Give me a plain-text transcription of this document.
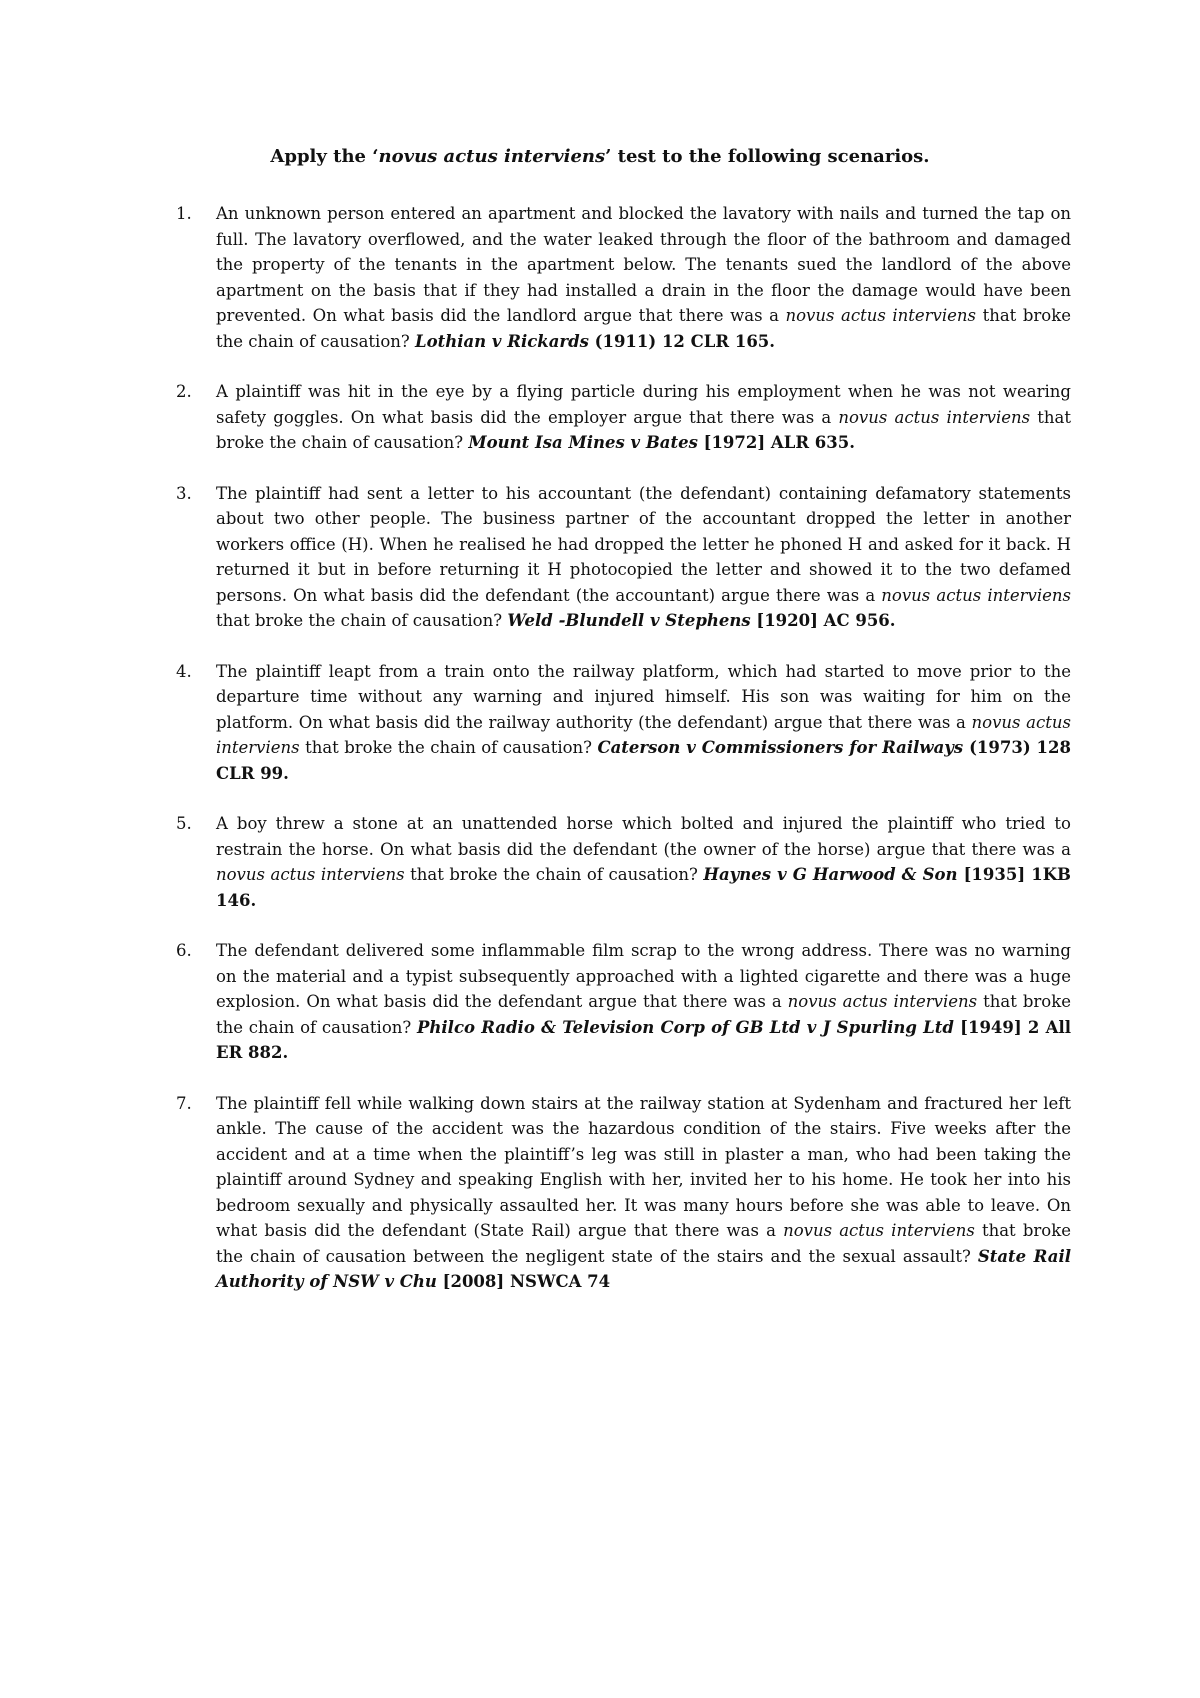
Apply the ‘novus actus interviens’ test to the following scenarios.
1. An unknown person entered an apartment and blocked the lavatory with nails and turned the tap on full. The lavatory overflowed, and the water leaked through the floor of the bathroom and damaged the property of the tenants in the apartment below. The tenants sued the landlord of the above apartment on the basis that if they had installed a drain in the floor the damage would have been prevented. On what basis did the landlord argue that there was a novus actus interviens that broke the chain of causation? Lothian v Rickards (1911) 12 CLR 165.
2. A plaintiff was hit in the eye by a flying particle during his employment when he was not wearing safety goggles. On what basis did the employer argue that there was a novus actus interviens that broke the chain of causation? Mount Isa Mines v Bates [1972] ALR 635.
3. The plaintiff had sent a letter to his accountant (the defendant) containing defamatory statements about two other people. The business partner of the accountant dropped the letter in another workers office (H). When he realised he had dropped the letter he phoned H and asked for it back. H returned it but in before returning it H photocopied the letter and showed it to the two defamed persons. On what basis did the defendant (the accountant) argue there was a novus actus interviens that broke the chain of causation? Weld -Blundell v Stephens [1920] AC 956.
4. The plaintiff leapt from a train onto the railway platform, which had started to move prior to the departure time without any warning and injured himself. His son was waiting for him on the platform. On what basis did the railway authority (the defendant) argue that there was a novus actus interviens that broke the chain of causation? Caterson v Commissioners for Railways (1973) 128 CLR 99.
5. A boy threw a stone at an unattended horse which bolted and injured the plaintiff who tried to restrain the horse. On what basis did the defendant (the owner of the horse) argue that there was a novus actus interviens that broke the chain of causation? Haynes v G Harwood & Son [1935] 1KB 146.
6. The defendant delivered some inflammable film scrap to the wrong address. There was no warning on the material and a typist subsequently approached with a lighted cigarette and there was a huge explosion. On what basis did the defendant argue that there was a novus actus interviens that broke the chain of causation? Philco Radio & Television Corp of GB Ltd v J Spurling Ltd [1949] 2 All ER 882.
7. The plaintiff fell while walking down stairs at the railway station at Sydenham and fractured her left ankle. The cause of the accident was the hazardous condition of the stairs. Five weeks after the accident and at a time when the plaintiff’s leg was still in plaster a man, who had been taking the plaintiff around Sydney and speaking English with her, invited her to his home. He took her into his bedroom sexually and physically assaulted her. It was many hours before she was able to leave. On what basis did the defendant (State Rail) argue that there was a novus actus interviens that broke the chain of causation between the negligent state of the stairs and the sexual assault? State Rail Authority of NSW v Chu [2008] NSWCA 74
